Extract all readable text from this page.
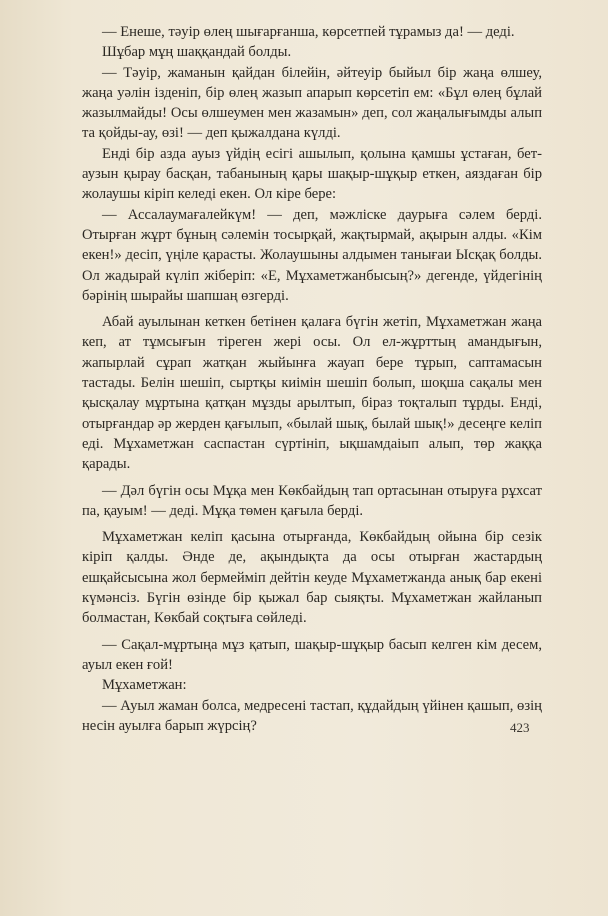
— Енеше, тәуір өлең шығарғанша, көрсетпей тұрамыз да! — деді.

Шұбар мұң шаққандай болды.

— Тәуір, жаманын қайдан білейін, әйтеуір быйыл бір жаңа өлшеу, жаңа уәлін ізденіп, бір өлең жазып апарып көрсетіп ем: «Бұл өлең бұлай жазылмайды! Осы өлшеумен мен жазамын» деп, сол жаңалығымды алып та қойды-ау, өзі! — деп қыжалдана күлді.

Енді бір азда ауыз үйдің есігі ашылып, қолына қамшы ұстаған, бет-аузын қырау басқан, табанының қары шақыр-шұқыр еткен, аяздаған бір жолаушы кіріп келеді екен. Ол кіре бере:

— Ассалаумағалейкүм! — деп, мәжліске даурыға сәлем берді. Отырған жұрт бұның сәлемін тосырқай, жақтырмай, ақырын алды. «Кім екен!» десіп, үңіле қарасты. Жолаушыны алдымен танығаи Ысқақ болды. Ол жадырай күліп жіберіп: «Е, Мұхаметжанбысың?» дегенде, үйдегінің бәрінің шырайы шапшаң өзгерді.

Абай ауылынан кеткен бетінен қалаға бүгін жетіп, Мұхаметжан жаңа кеп, ат тұмсығын тіреген жері осы. Ол ел-жұрттың амандығын, жапырлай сұрап жатқан жыйынға жауап бере тұрып, саптамасын тастады. Белін шешіп, сыртқы киімін шешіп болып, шоқша сақалы мен қысқалау мұртына қатқан мұзды арылтып, біраз тоқталып тұрды. Енді, отырғандар әр жерден қағылып, «былай шық, былай шық!» десеңге келіп еді. Мұхаметжан саспастан сүртініп, ықшамдаіып алып, төр жаққа қарады.

— Дәл бүгін осы Мұқа мен Көкбайдың тап ортасынан отыруға рұхсат па, қауым! — деді. Мұқа төмен қағыла берді.

Мұхаметжан келіп қасына отырғанда, Көкбайдың ойына бір сезік кіріп қалды. Әнде де, ақындықта да осы отырған жастардың ешқайсысына жол бермейміп дейтін кеуде Мұхаметжанда анық бар екені күмәнсіз. Бүгін өзінде бір қыжал бар сыяқты. Мұхаметжан жайланып болмастан, Көкбай соқтыға сөйледі.

— Сақал-мұртыңа мұз қатып, шақыр-шұқыр басып келген кім десем, ауыл екен ғой!

Мұхаметжан:

— Ауыл жаман болса, медресені тастап, құдайдың үйінен қашып, өзің несін ауылға барып жүрсің?	423
